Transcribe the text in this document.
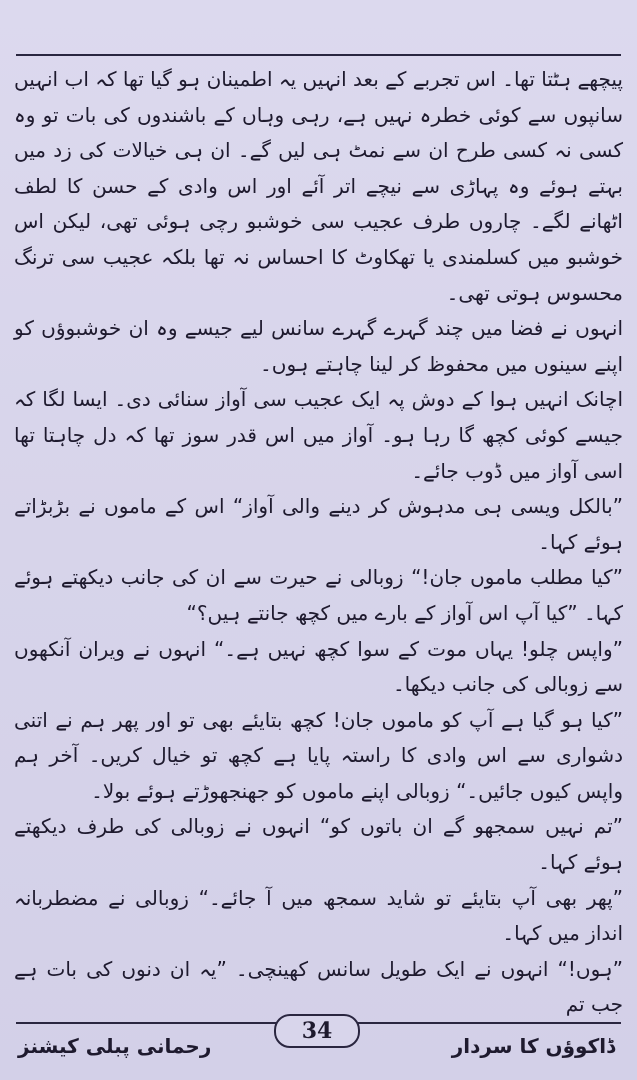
پیچھے ہٹتا تھا۔ اس تجربے کے بعد انہیں یہ اطمینان ہو گیا تھا کہ اب انہیں سانپوں سے کوئی خطرہ نہیں ہے، رہی وہاں کے باشندوں کی بات تو وہ کسی نہ کسی طرح ان سے نمٹ ہی لیں گے۔ ان ہی خیالات کی زد میں بہتے ہوئے وہ پہاڑی سے نیچے اتر آئے اور اس وادی کے حسن کا لطف اٹھانے لگے۔ چاروں طرف عجیب سی خوشبو رچی ہوئی تھی، لیکن اس خوشبو میں کسلمندی یا تھکاوٹ کا احساس نہ تھا بلکہ عجیب سی ترنگ محسوس ہوتی تھی۔

انہوں نے فضا میں چند گہرے گہرے سانس لیے جیسے وہ ان خوشبوؤں کو اپنے سینوں میں محفوظ کر لینا چاہتے ہوں۔

اچانک انہیں ہوا کے دوش پہ ایک عجیب سی آواز سنائی دی۔ ایسا لگا کہ جیسے کوئی کچھ گا رہا ہو۔ آواز میں اس قدر سوز تھا کہ دل چاہتا تھا اسی آواز میں ڈوب جائے۔

”بالکل ویسی ہی مدہوش کر دینے والی آواز“ اس کے ماموں نے بڑبڑاتے ہوئے کہا۔

”کیا مطلب ماموں جان!“ زوبالی نے حیرت سے ان کی جانب دیکھتے ہوئے کہا۔ ”کیا آپ اس آواز کے بارے میں کچھ جانتے ہیں؟“

”واپس چلو! یہاں موت کے سوا کچھ نہیں ہے۔“ انہوں نے ویران آنکھوں سے زوبالی کی جانب دیکھا۔

”کیا ہو گیا ہے آپ کو ماموں جان! کچھ بتایئے بھی تو اور پھر ہم نے اتنی دشواری سے اس وادی کا راستہ پایا ہے کچھ تو خیال کریں۔ آخر ہم واپس کیوں جائیں۔“ زوبالی اپنے ماموں کو جھنجھوڑتے ہوئے بولا۔

”تم نہیں سمجھو گے ان باتوں کو“ انہوں نے زوبالی کی طرف دیکھتے ہوئے کہا۔

”پھر بھی آپ بتایئے تو شاید سمجھ میں آ جائے۔“ زوبالی نے مضطربانہ انداز میں کہا۔

”ہوں!“ انہوں نے ایک طویل سانس کھینچی۔ ”یہ ان دنوں کی بات ہے جب تم

ڈاکوؤں کا سردار
34
رحمانی پبلی کیشنز
